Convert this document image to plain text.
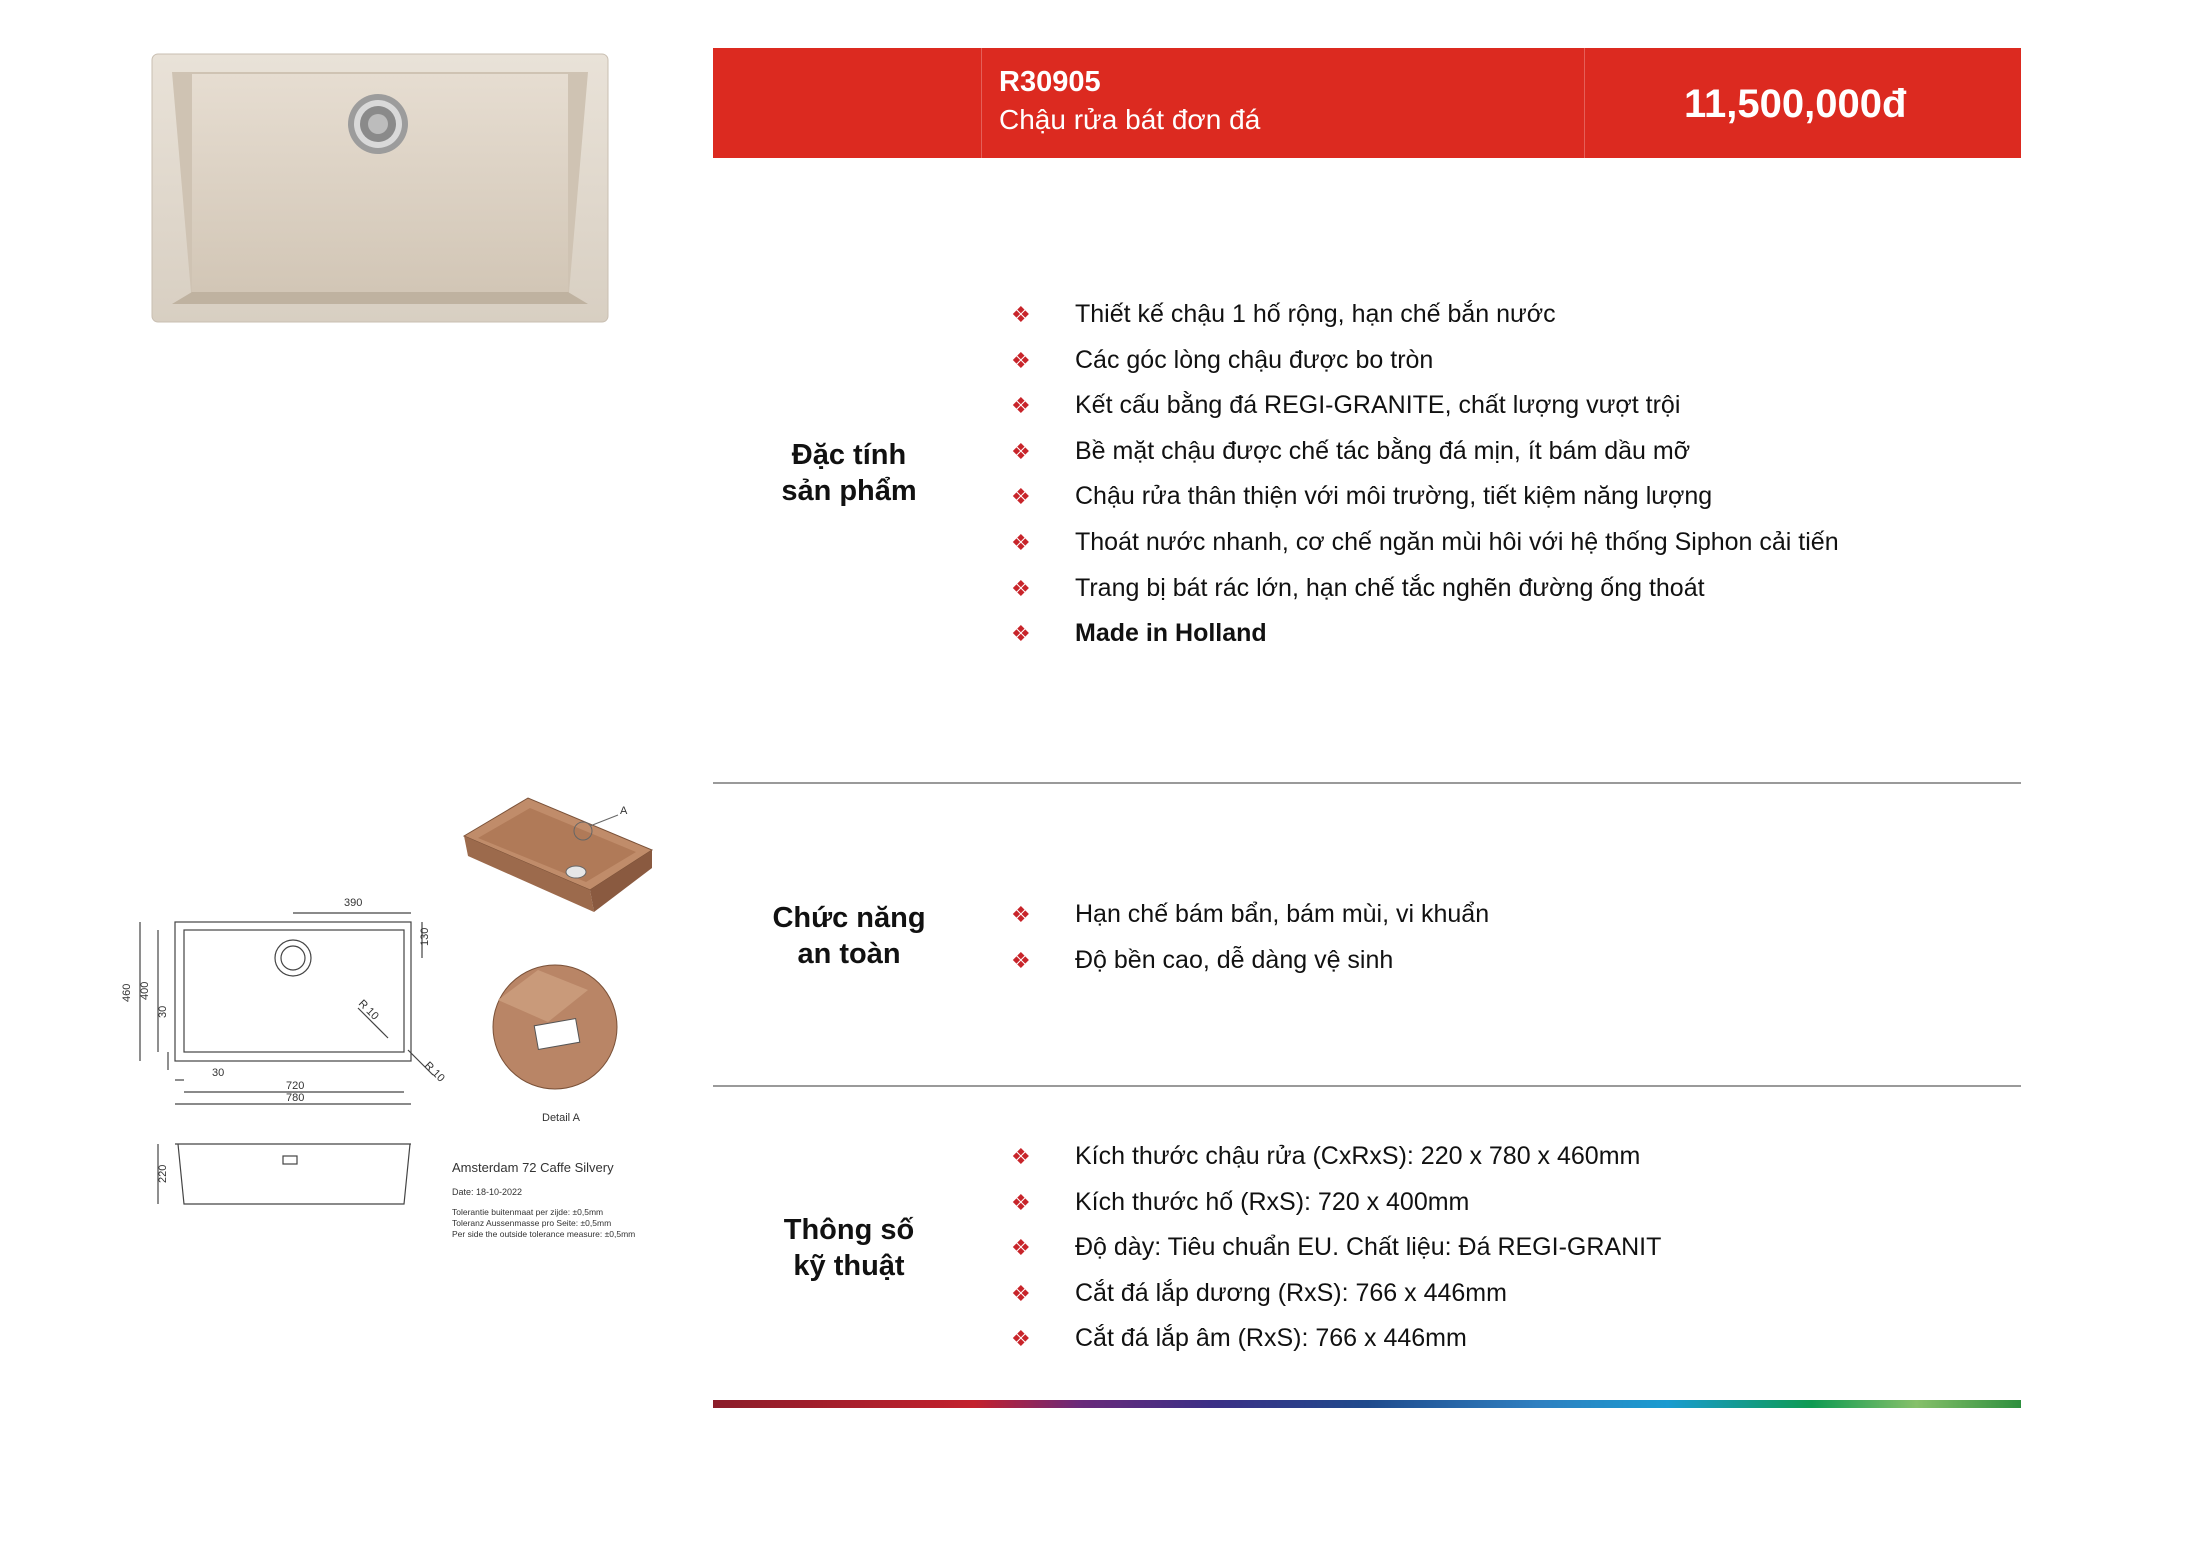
R30905
Chậu rửa bát đơn đá	11,500,000đ
Đặc tính
sản phẩm
❖ Thiết kế chậu 1 hố rộng, hạn chế bắn nước
❖ Các góc lòng chậu được bo tròn
❖ Kết cấu bằng đá REGI-GRANITE, chất lượng vượt trội
❖ Bề mặt chậu được chế tác bằng đá mịn, ít bám dầu mỡ
❖ Chậu rửa thân thiện với môi trường, tiết kiệm năng lượng
❖ Thoát nước nhanh, cơ chế ngăn mùi hôi với hệ thống Siphon cải tiến
❖ Trang bị bát rác lớn, hạn chế tắc nghẽn đường ống thoát
❖ Made in Holland
Chức năng
an toàn
❖ Hạn chế bám bẩn, bám mùi, vi khuẩn
❖ Độ bền cao, dễ dàng vệ sinh
Thông số
kỹ thuật
❖ Kích thước chậu rửa (CxRxS): 220 x 780 x 460mm
❖ Kích thước hố (RxS): 720 x 400mm
❖ Độ dày: Tiêu chuẩn EU. Chất liệu: Đá REGI-GRANIT
❖ Cắt đá lắp dương (RxS): 766 x 446mm
❖ Cắt đá lắp âm (RxS): 766 x 446mm
A
Detail A
390
130
460 400
30	R 10
R 10
30
720
780
220	Amsterdam 72 Caffe Silvery
Date: 18-10-2022
Tolerantie buitenmaat per zijde: ±0,5mm
Toleranz Aussenmasse pro Seite: ±0,5mm
Per side the outside tolerance measure: ±0,5mm
